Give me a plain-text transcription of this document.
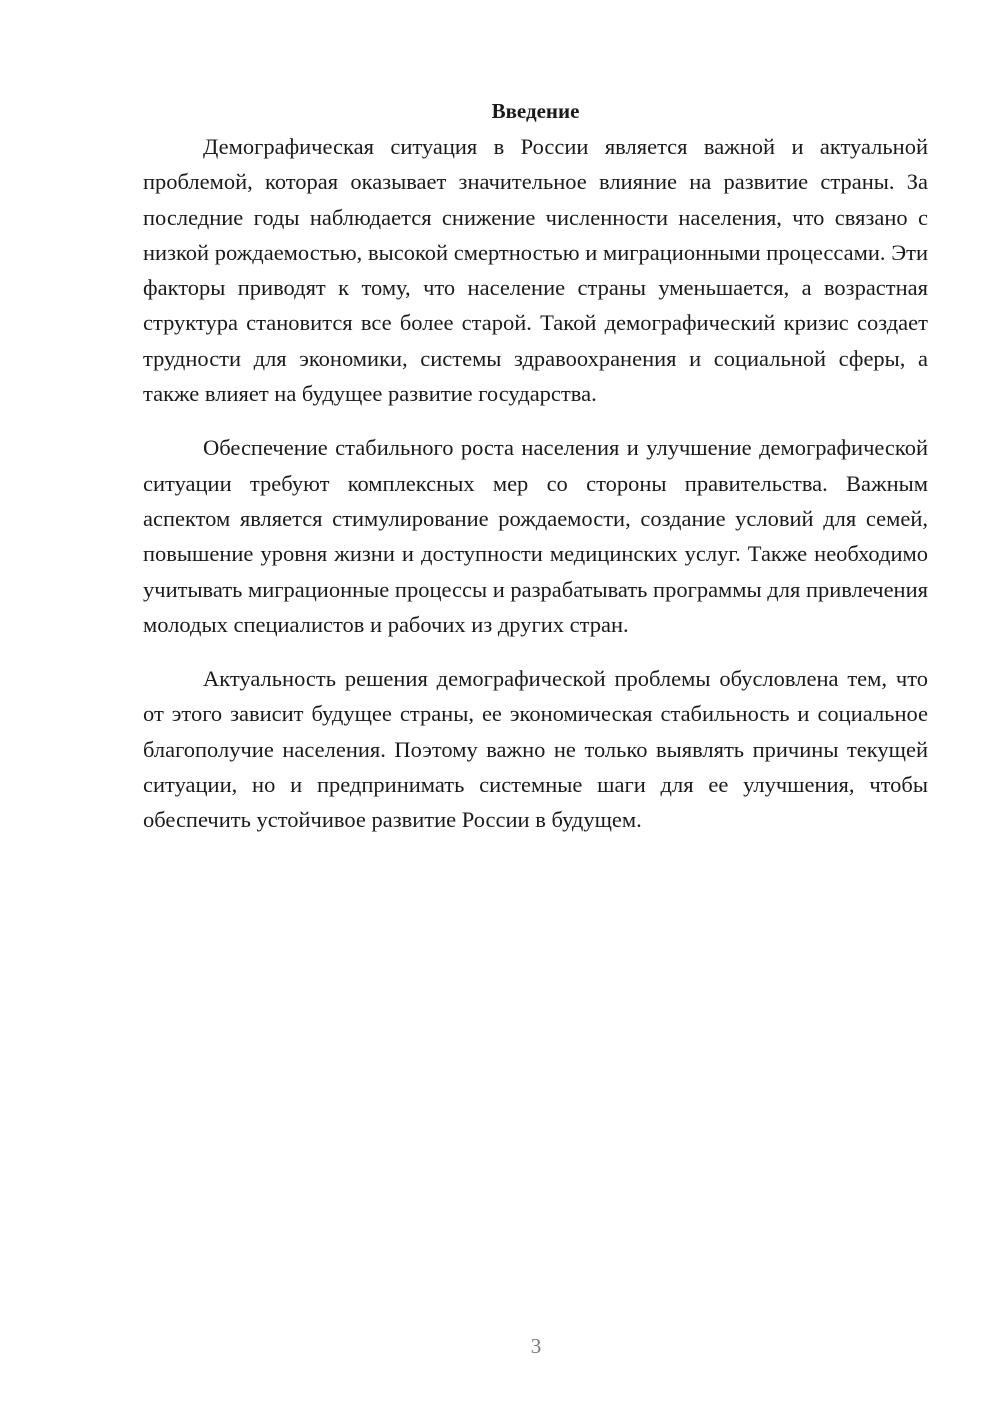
Введение

Демографическая ситуация в России является важной и актуальной проблемой, которая оказывает значительное влияние на развитие страны. За последние годы наблюдается снижение численности населения, что связано с низкой рождаемостью, высокой смертностью и миграционными процессами. Эти факторы приводят к тому, что население страны уменьшается, а возрастная структура становится все более старой. Такой демографический кризис создает трудности для экономики, системы здравоохранения и социальной сферы, а также влияет на будущее развитие государства.

Обеспечение стабильного роста населения и улучшение демографической ситуации требуют комплексных мер со стороны правительства. Важным аспектом является стимулирование рождаемости, создание условий для семей, повышение уровня жизни и доступности медицинских услуг. Также необходимо учитывать миграционные процессы и разрабатывать программы для привлечения молодых специалистов и рабочих из других стран.

Актуальность решения демографической проблемы обусловлена тем, что от этого зависит будущее страны, ее экономическая стабильность и социальное благополучие населения. Поэтому важно не только выявлять причины текущей ситуации, но и предпринимать системные шаги для ее улучшения, чтобы обеспечить устойчивое развитие России в будущем.

3
